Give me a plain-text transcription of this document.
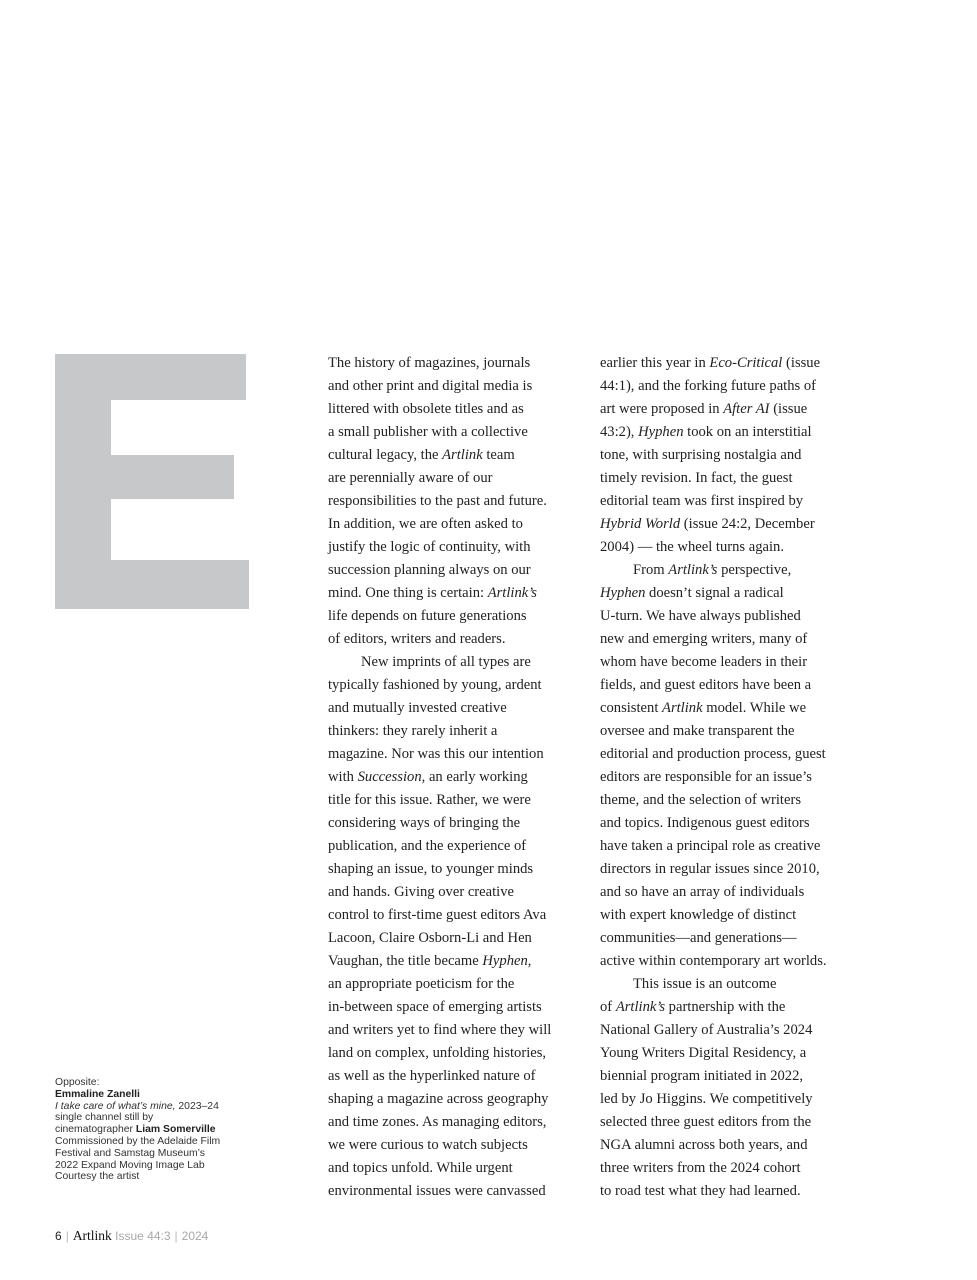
The history of magazines, journals
and other print and digital media is
littered with obsolete titles and as
a small publisher with a collective
cultural legacy, the Artlink team
are perennially aware of our
responsibilities to the past and future.
In addition, we are often asked to
justify the logic of continuity, with
succession planning always on our
mind. One thing is certain: Artlink’s
life depends on future generations
of editors, writers and readers.
New imprints of all types are
typically fashioned by young, ardent
and mutually invested creative
thinkers: they rarely inherit a
magazine. Nor was this our intention
with Succession, an early working
title for this issue. Rather, we were
considering ways of bringing the
publication, and the experience of
shaping an issue, to younger minds
and hands. Giving over creative
control to first-time guest editors Ava
Lacoon, Claire Osborn-Li and Hen
Vaughan, the title became Hyphen,
an appropriate poeticism for the
in-between space of emerging artists
and writers yet to find where they will
land on complex, unfolding histories,
as well as the hyperlinked nature of
shaping a magazine across geography
and time zones. As managing editors,
we were curious to watch subjects
and topics unfold. While urgent
environmental issues were canvassed
earlier this year in Eco-Critical (issue
44:1), and the forking future paths of
art were proposed in After AI (issue
43:2), Hyphen took on an interstitial
tone, with surprising nostalgia and
timely revision. In fact, the guest
editorial team was first inspired by
Hybrid World (issue 24:2, December
2004) — the wheel turns again.
From Artlink’s perspective,
Hyphen doesn’t signal a radical
U-turn. We have always published
new and emerging writers, many of
whom have become leaders in their
fields, and guest editors have been a
consistent Artlink model. While we
oversee and make transparent the
editorial and production process, guest
editors are responsible for an issue’s
theme, and the selection of writers
and topics. Indigenous guest editors
have taken a principal role as creative
directors in regular issues since 2010,
and so have an array of individuals
with expert knowledge of distinct
communities—and generations—
active within contemporary art worlds.
This issue is an outcome
of Artlink’s partnership with the
National Gallery of Australia’s 2024
Young Writers Digital Residency, a
biennial program initiated in 2022,
led by Jo Higgins. We competitively
selected three guest editors from the
NGA alumni across both years, and
three writers from the 2024 cohort
to road test what they had learned.
Opposite:
Emmaline Zanelli
I take care of what’s mine, 2023–24
single channel still by
cinematographer Liam Somerville
Commissioned by the Adelaide Film
Festival and Samstag Museum’s
2022 Expand Moving Image Lab
Courtesy the artist
6 | Artlink Issue 44:3 | 2024
